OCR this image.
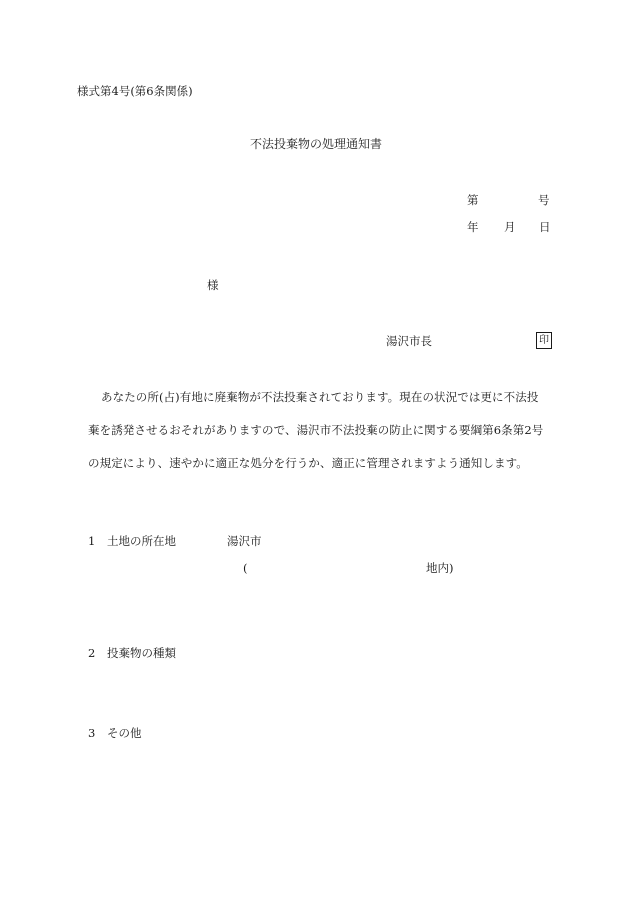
様式第4号(第6条関係)
不法投棄物の処理通知書
第	号
年 月 日
様
湯沢市長	印
あなたの所(占)有地に廃棄物が不法投棄されております。現在の状況では更に不法投
棄を誘発させるおそれがありますので、湯沢市不法投棄の防止に関する要綱第6条第2号
の規定により、速やかに適正な処分を行うか、適正に管理されますよう通知します。
1 土地の所在地	湯沢市
(	地内)
2 投棄物の種類
3 その他
